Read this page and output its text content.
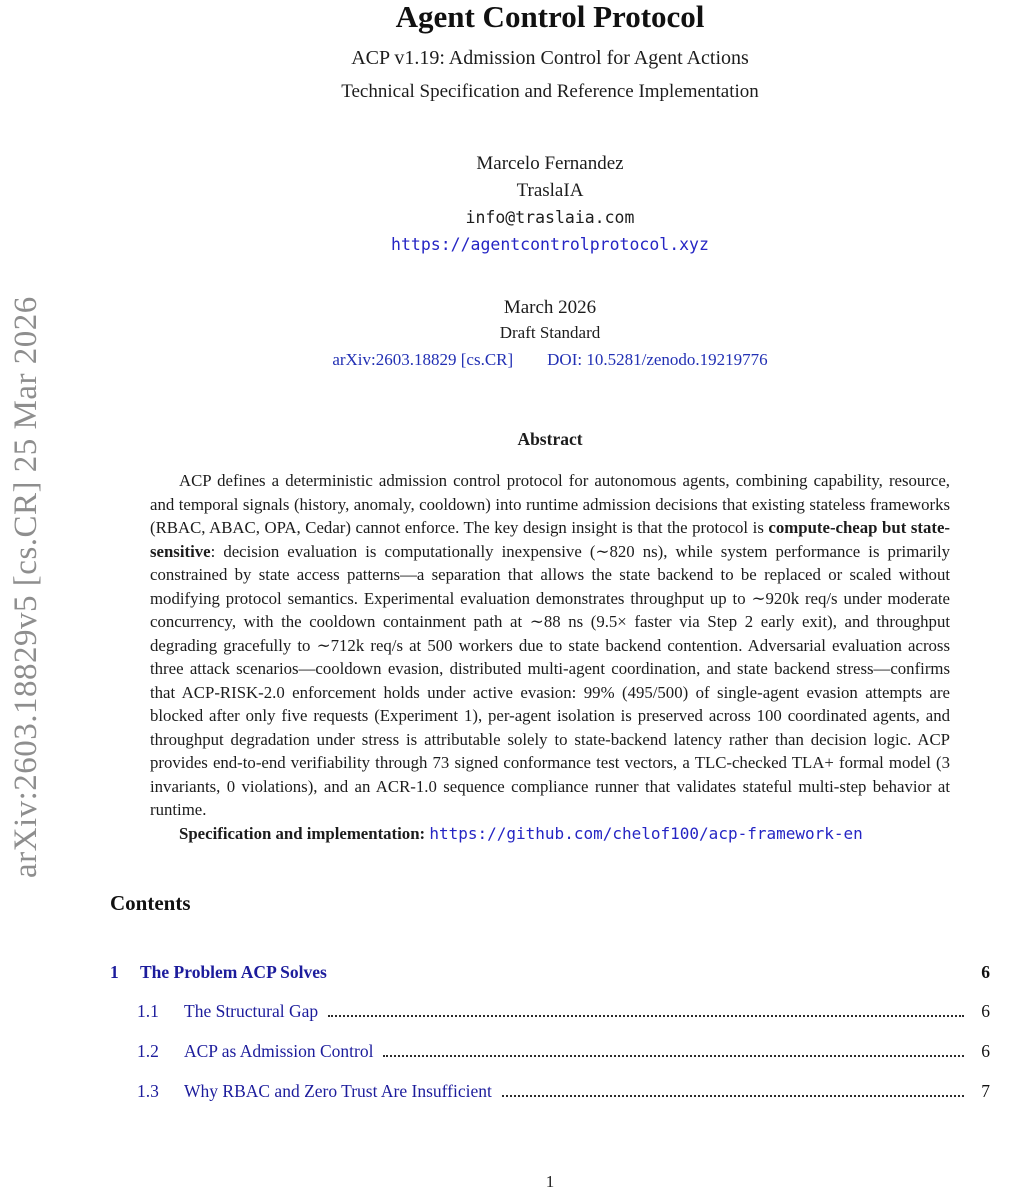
arXiv:2603.18829v5 [cs.CR] 25 Mar 2026
Agent Control Protocol
ACP v1.19: Admission Control for Agent Actions
Technical Specification and Reference Implementation
Marcelo Fernandez
TraslaIA
info@traslaia.com
https://agentcontrolprotocol.xyz
March 2026
Draft Standard
arXiv:2603.18829 [cs.CR] DOI: 10.5281/zenodo.19219776
Abstract

ACP defines a deterministic admission control protocol for autonomous agents, combining capability, resource, and temporal signals (history, anomaly, cooldown) into runtime admission decisions that existing stateless frameworks (RBAC, ABAC, OPA, Cedar) cannot enforce. The key design insight is that the protocol is compute-cheap but state-sensitive: decision evaluation is computationally inexpensive (∼820 ns), while system performance is primarily constrained by state access patterns—a separation that allows the state backend to be replaced or scaled without modifying protocol semantics. Experimental evaluation demonstrates throughput up to ∼920k req/s under moderate concurrency, with the cooldown containment path at ∼88 ns (9.5× faster via Step 2 early exit), and throughput degrading gracefully to ∼712k req/s at 500 workers due to state backend contention. Adversarial evaluation across three attack scenarios—cooldown evasion, distributed multi-agent coordination, and state backend stress—confirms that ACP-RISK-2.0 enforcement holds under active evasion: 99% (495/500) of single-agent evasion attempts are blocked after only five requests (Experiment 1), per-agent isolation is preserved across 100 coordinated agents, and throughput degradation under stress is attributable solely to state-backend latency rather than decision logic. ACP provides end-to-end verifiability through 73 signed conformance test vectors, a TLC-checked TLA+ formal model (3 invariants, 0 violations), and an ACR-1.0 sequence compliance runner that validates stateful multi-step behavior at runtime.

Specification and implementation: https://github.com/chelof100/acp-framework-en

Contents
1	The Problem ACP Solves	6
1.1	The Structural Gap	6
1.2	ACP as Admission Control	6
1.3	Why RBAC and Zero Trust Are Insufficient	7
1
